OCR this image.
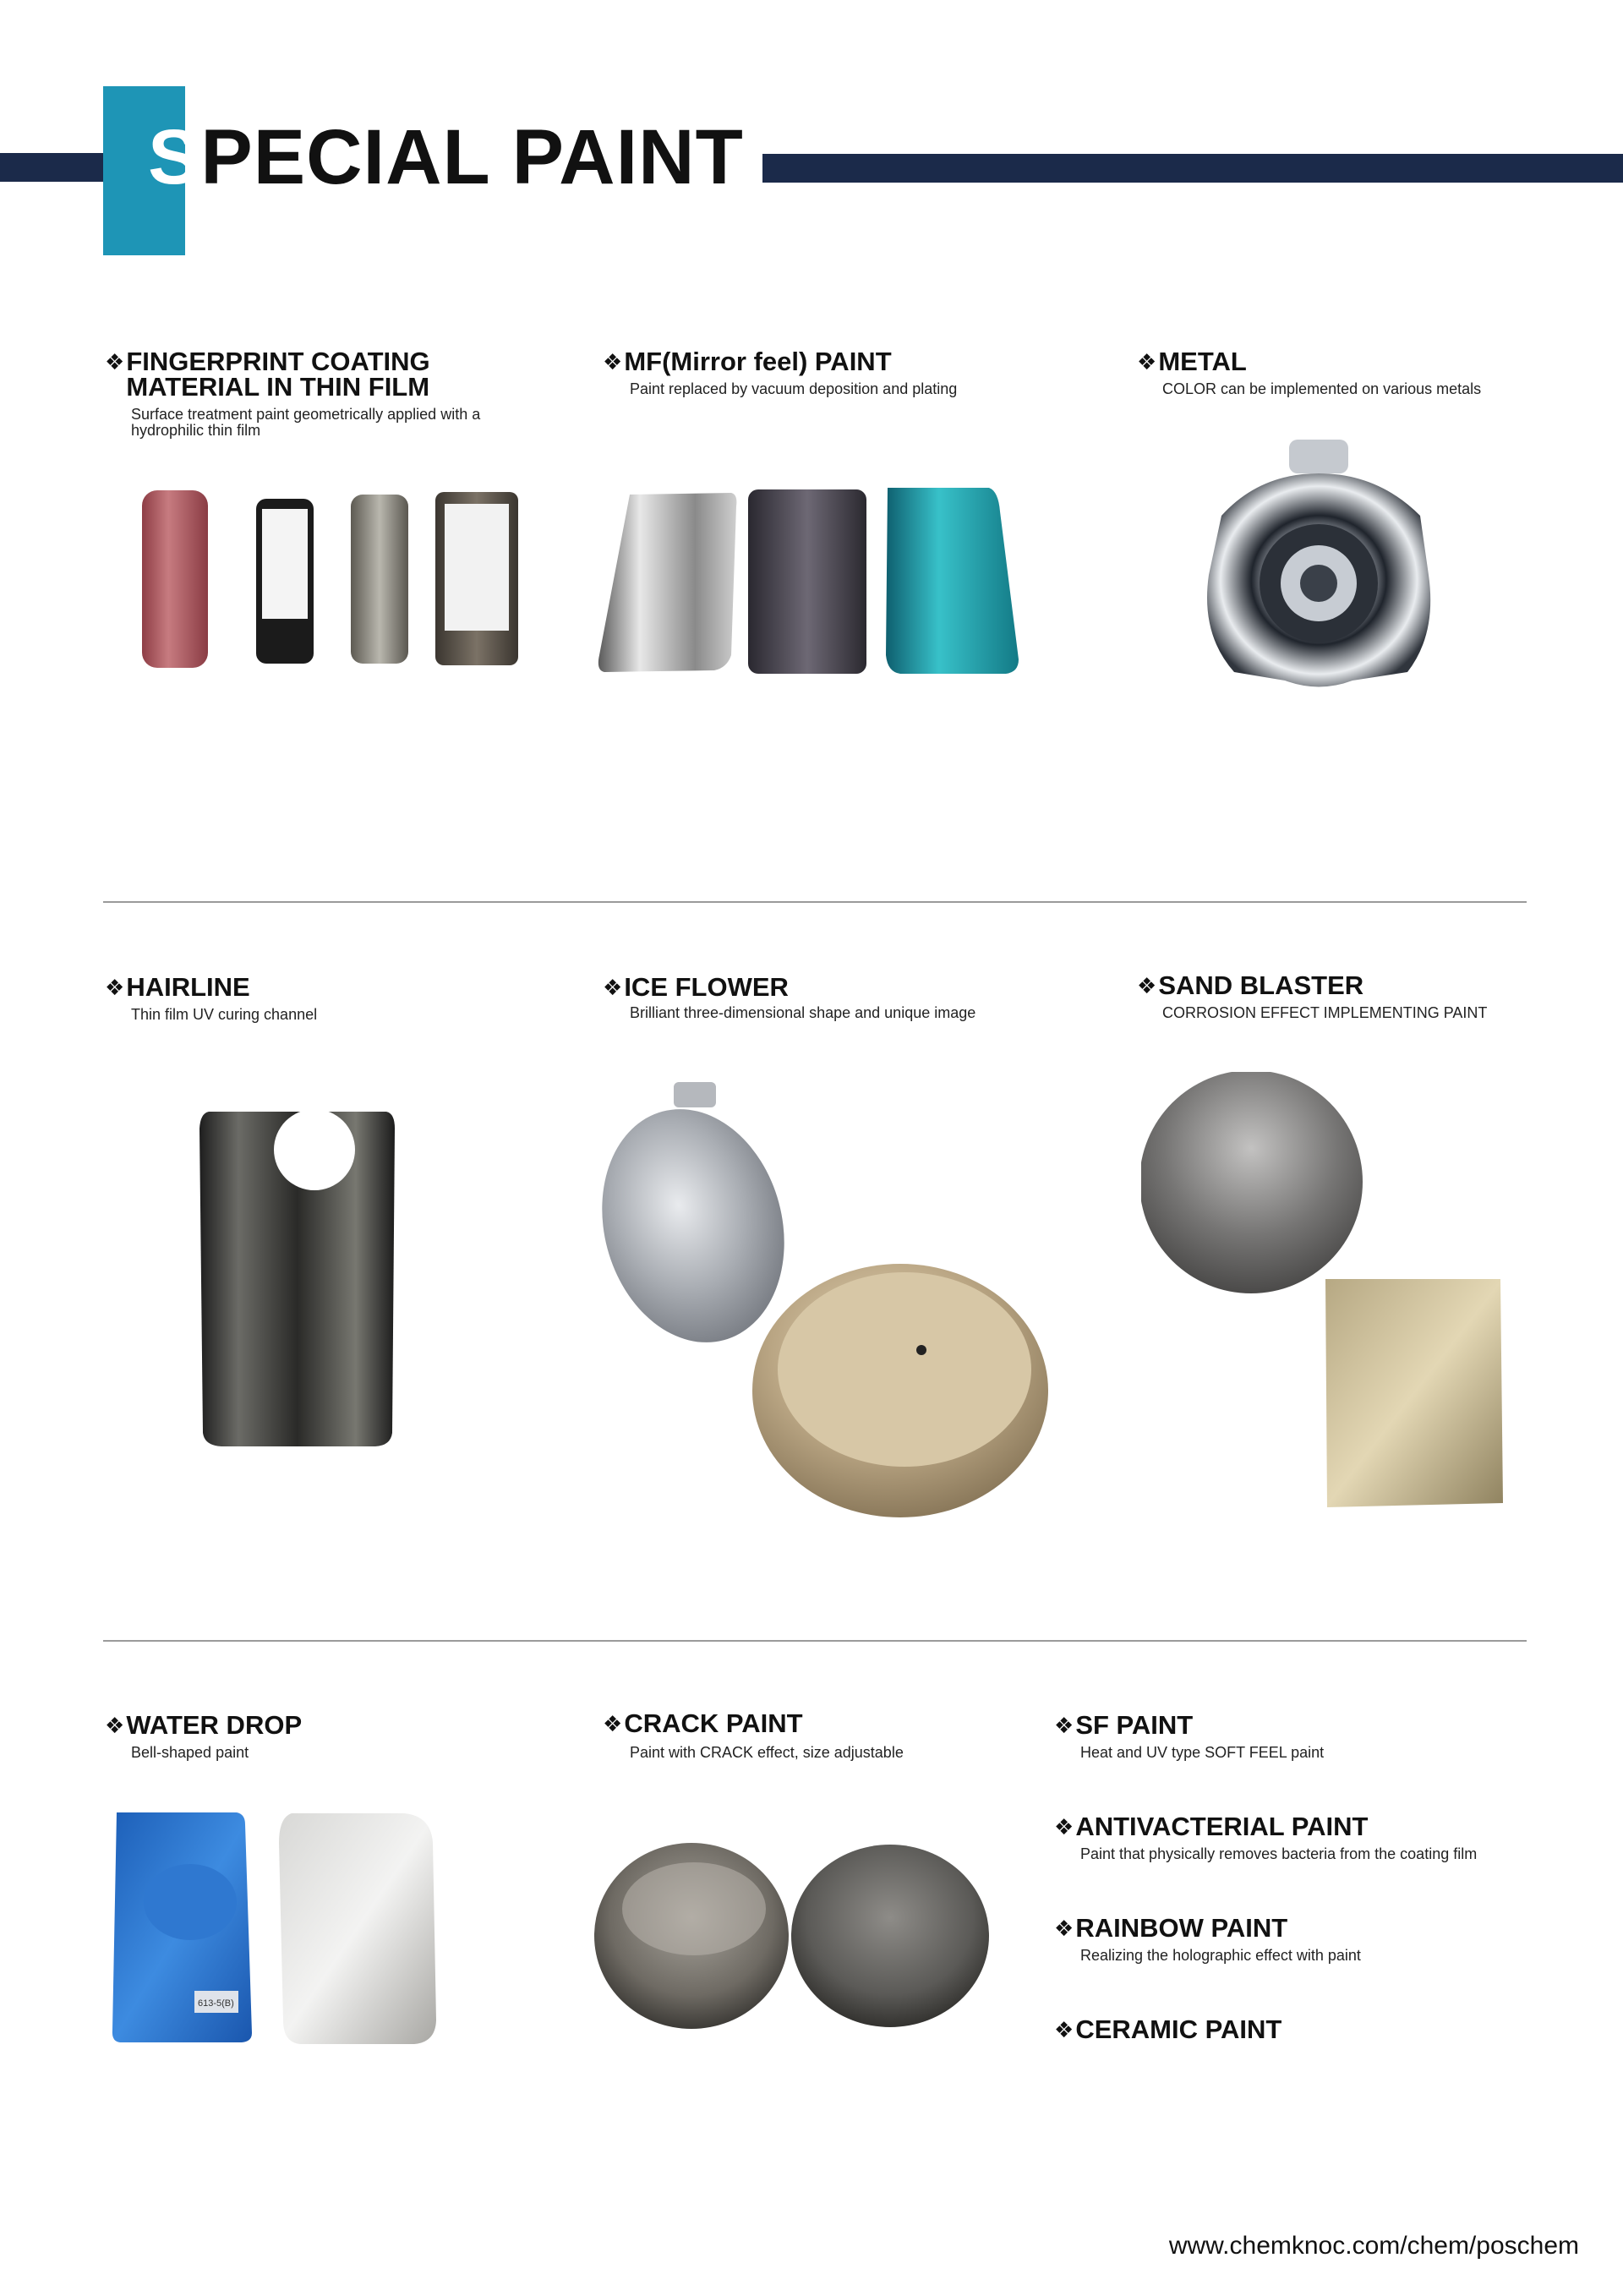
SPECIAL PAINT
❖ FINGERPRINT COATING
MATERIAL IN THIN FILM
Surface treatment paint geometrically applied with a
hydrophilic thin film
❖ MF(Mirror feel) PAINT
Paint replaced by vacuum deposition and plating
❖ METAL
COLOR can be implemented on various metals
❖ HAIRLINE
Thin film UV curing channel
❖ ICE FLOWER
Brilliant three-dimensional shape and unique image
❖ SAND BLASTER
CORROSION EFFECT IMPLEMENTING PAINT
❖ WATER DROP
Bell-shaped paint
❖ CRACK PAINT
Paint with CRACK effect, size adjustable
❖ SF PAINT
Heat and UV type SOFT FEEL paint
❖ ANTIVACTERIAL PAINT
Paint that physically removes bacteria from the coating film
❖ RAINBOW PAINT
Realizing the holographic effect with paint
❖ CERAMIC PAINT
613-5(B)
www.chemknoc.com/chem/poschem
